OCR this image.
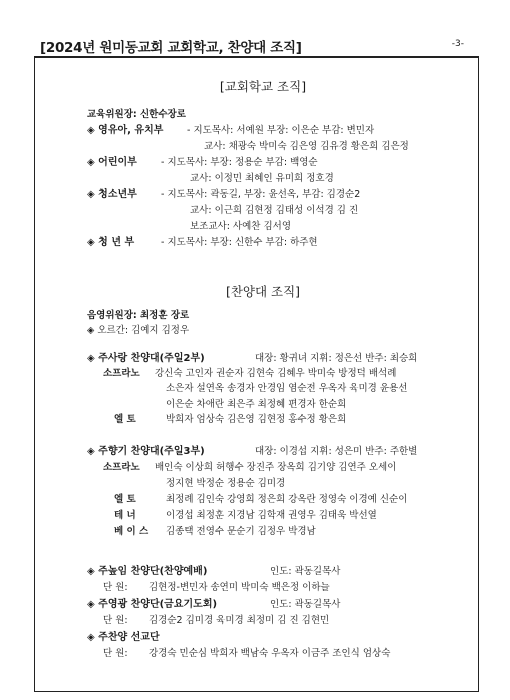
[2024년 원미동교회 교회학교, 찬양대 조직]	-3-
[교회학교 조직]
교육위원장: 신한수장로
◈ 영유아, 유치부 - 지도목사: 서예원 부장: 이은순 부감: 변민자
교사: 채광숙 박미숙 김은영 김유경 황은희 김은정
◈ 어린이부	- 지도목사: 부장: 정용순 부감: 백영순
교사: 이정민 최혜인 유미희 정호경
◈ 청소년부	- 지도목사: 곽동길, 부장: 윤선옥, 부감: 김경순2
교사: 이근희 김현정 김태성 이석경 김 진
보조교사: 사예찬 김서영
◈ 청 년 부	- 지도목사: 부장: 신한수 부감: 하주현
[찬양대 조직]
음영위원장: 최정훈 장로
◈ 오르간: 김예지 김정우
◈ 주사랑 찬양대(주일2부)	대장: 황귀녀 지휘: 정은선 반주: 최승희
소프라노 강신숙 고인자 권순자 김현숙 김혜우 박미숙 방정덕 배석례
소은자 설연옥 송경자 안경임 염순전 우옥자 육미경 윤용선
이은순 차애란 최은주 최정혜 편경자 한순희
엘 토	박희자 엄상숙 김은영 김현정 홍수정 황은희
◈ 주향기 찬양대(주일3부)	대장: 이경섭 지휘: 성은미 반주: 주한별
소프라노 배인숙 이상희 허행수 장진주 장옥희 김기양 김연주 오세이
정지현 박정순 정용순 김미경
엘 토	최정례 김인숙 강영희 정은희 강옥란 정영숙 이경예 신순이
테 너	이경섭 최정훈 지경남 김학재 권영우 김태욱 박선열
베 이 스 김종택 전영수 문순기 김정우 박경남
◈ 주높임 찬양단(찬양예배)	인도: 곽동길목사
단 원: 김현정-변민자 송연미 박미숙 백은정 이하늘
◈ 주영광 찬양단(금요기도회)	인도: 곽동길목사
단 원: 김경순2 김미경 육미경 최정미 김 진 김현민
◈ 주찬양 선교단
단 원: 강경숙 민순심 박희자 백남숙 우옥자 이금주 조인식 엄상숙
